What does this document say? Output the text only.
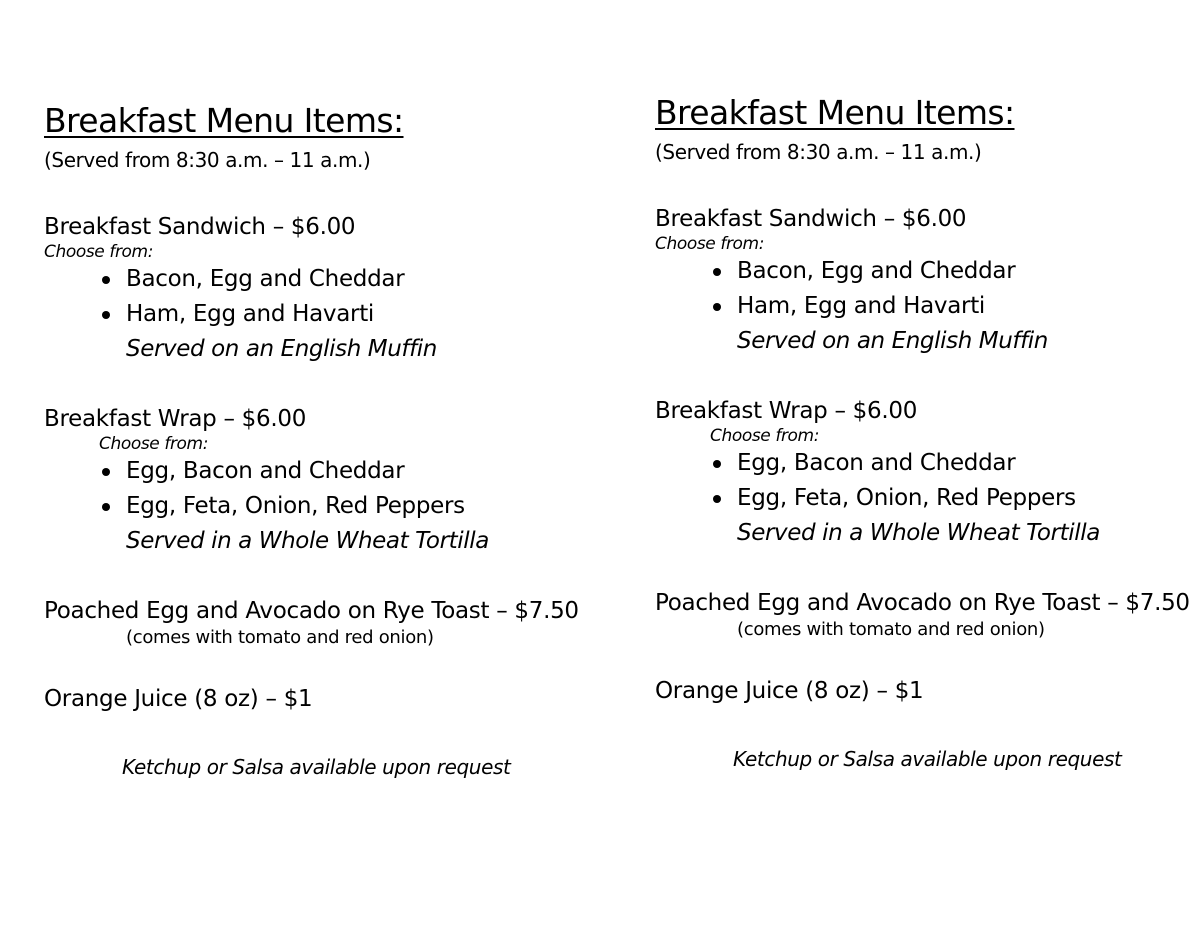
Breakfast Menu Items:
(Served from 8:30 a.m. – 11 a.m.)
Breakfast Sandwich – $6.00
Choose from:
Bacon, Egg and Cheddar
Ham, Egg and Havarti
Served on an English Muffin
Breakfast Wrap – $6.00
Choose from:
Egg, Bacon and Cheddar
Egg, Feta, Onion, Red Peppers
Served in a Whole Wheat Tortilla
Poached Egg and Avocado on Rye Toast – $7.50
(comes with tomato and red onion)
Orange Juice (8 oz) – $1
Ketchup or Salsa available upon request
Breakfast Menu Items:
(Served from 8:30 a.m. – 11 a.m.)
Breakfast Sandwich – $6.00
Choose from:
Bacon, Egg and Cheddar
Ham, Egg and Havarti
Served on an English Muffin
Breakfast Wrap – $6.00
Choose from:
Egg, Bacon and Cheddar
Egg, Feta, Onion, Red Peppers
Served in a Whole Wheat Tortilla
Poached Egg and Avocado on Rye Toast – $7.50
(comes with tomato and red onion)
Orange Juice (8 oz) – $1
Ketchup or Salsa available upon request
